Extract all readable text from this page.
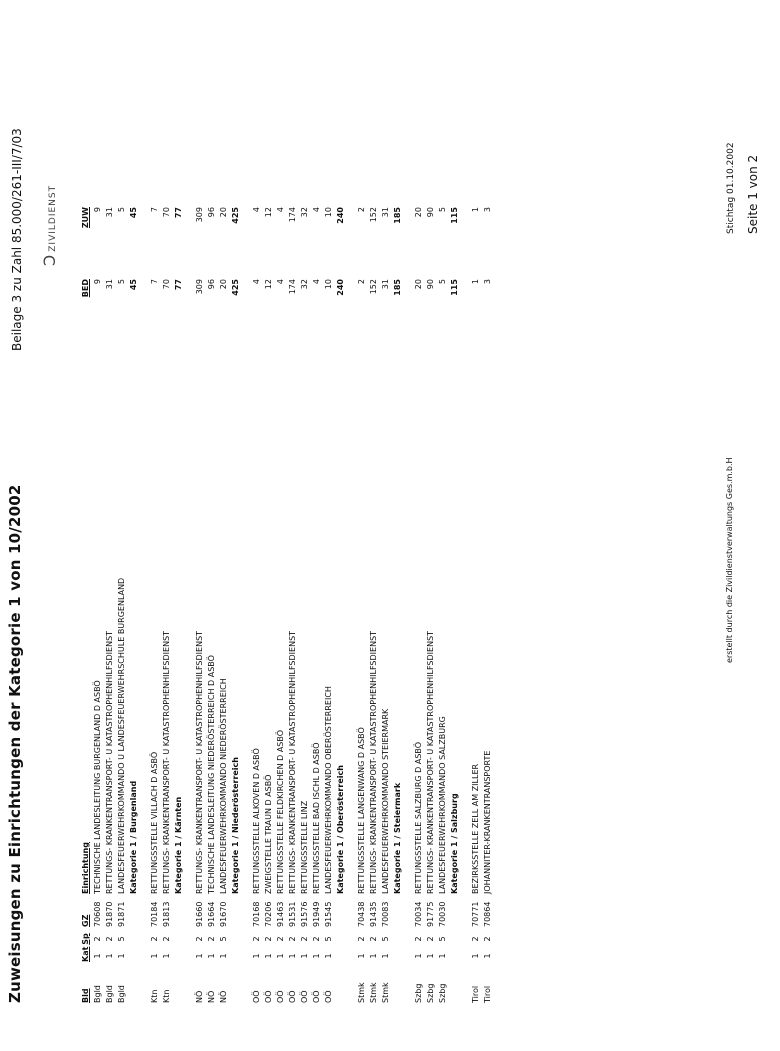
Zuweisungen zu Einrichtungen der Kategorie 1 von 10/2002
Beilage 3 zu Zahl 85.000/261-III/7/03 ƆZIVILDIENST
Bld
Kat
Sp
GZ
Einrichtung
BED
ZUW
Bgld
1
2
70608
TECHNISCHE LANDESLEITUNG BURGENLAND D ASBÖ
9
9
Bgld
1
2
91870
RETTUNGS- KRANKENTRANSPORT- U KATASTROPHENHILFSDIENST
31
31
Bgld
1
5
91871
LANDESFEUERWEHRKOMMANDO U LANDESFEUERWEHRSCHULE BURGENLAND
5
5
Kategorie 1 / Burgenland
45
45
Ktn
1
2
70184
RETTUNGSSTELLE VILLACH D ASBÖ
7
7
Ktn
1
2
91813
RETTUNGS- KRANKENTRANSPORT- U KATASTROPHENHILFSDIENST
70
70
Kategorie 1 / Kärnten
77
77
NÖ
1
2
91660
RETTUNGS- KRANKENTRANSPORT- U KATASTROPHENHILFSDIENST
309
309
NÖ
1
2
91664
TECHNISCHE LANDESLEITUNG NIEDERÖSTERREICH D ASBÖ
96
96
NÖ
1
5
91670
LANDESFEUERWEHRKOMMANDO NIEDERÖSTERREICH
20
20
Kategorie 1 / Niederösterreich
425
425
OÖ
1
2
70168
RETTUNGSSTELLE ALKOVEN D ASBÖ
4
4
OÖ
1
2
70206
ZWEIGSTELLE TRAUN D ASBÖ
12
12
OÖ
1
2
91463
RETTUNGSSTELLE FELDKIRCHEN D ASBÖ
4
4
OÖ
1
2
91531
RETTUNGS- KRANKENTRANSPORT- U KATASTROPHENHILFSDIENST
174
174
OÖ
1
2
91576
RETTUNGSSTELLE LINZ
32
32
OÖ
1
2
91949
RETTUNGSSTELLE BAD ISCHL D ASBÖ
4
4
OÖ
1
5
91545
LANDESFEUERWEHRKOMMANDO OBERÖSTERREICH
10
10
Kategorie 1 / Oberösterreich
240
240
Stmk
1
2
70438
RETTUNGSSTELLE LANGENWANG D ASBÖ
2
2
Stmk
1
2
91435
RETTUNGS- KRANKENTRANSPORT- U KATASTROPHENHILFSDIENST
152
152
Stmk
1
5
70083
LANDESFEUERWEHRKOMMANDO STEIERMARK
31
31
Kategorie 1 / Steiermark
185
185
Szbg
1
2
70034
RETTUNGSSTELLE SALZBURG D ASBÖ
20
20
Szbg
1
2
91775
RETTUNGS- KRANKENTRANSPORT- U KATASTROPHENHILFSDIENST
90
90
Szbg
1
5
70030
LANDESFEUERWEHRKOMMANDO SALZBURG
5
5
Kategorie 1 / Salzburg
115
115
Tirol
1
2
70771
BEZIRKSSTELLE ZELL AM ZILLER
1
1
Tirol
1
2
70864
JOHANNITER-KRANKENTRANSPORTE
3
3
erstellt durch die Zivildienstverwaltungs Ges.m.b.H
Stichtag 01.10.2002 Seite 1 von 2
